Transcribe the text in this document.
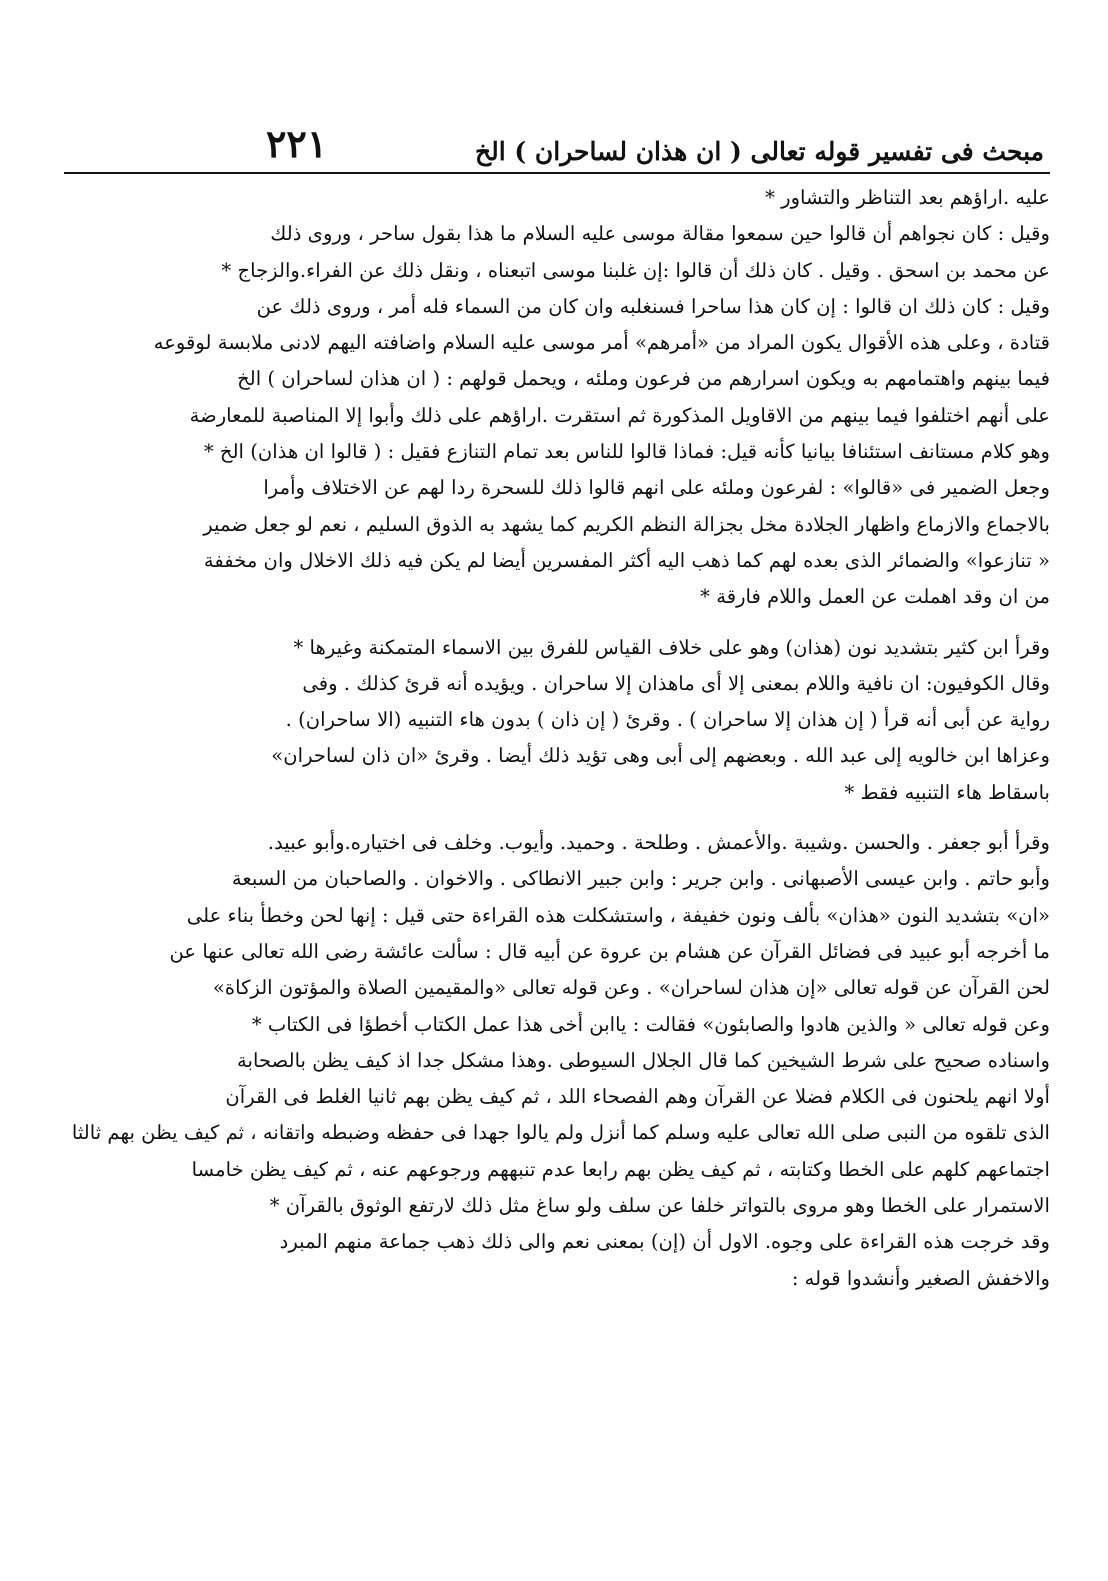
مبحث فى تفسير قوله تعالى ( ان هذان لساحران ) الخ
٢٢١

عليه .اراؤهم بعد التناظر والتشاور *

وقيل : كان نجواهم أن قالوا حين سمعوا مقالة موسى عليه السلام ما هذا بقول ساحر ، وروى ذلك

عن محمد بن اسحق . وقيل . كان ذلك أن قالوا :إن غلبنا موسى اتبعناه ، ونقل ذلك عن الفراء.والزجاج *

وقيل : كان ذلك ان قالوا : إن كان هذا ساحرا فسنغلبه وان كان من السماء فله أمر ، وروى ذلك عن

قتادة ، وعلى هذه الأقوال يكون المراد من «أمرهم» أمر موسى عليه السلام واضافته اليهم لادنى ملابسة لوقوعه

فيما بينهم واهتمامهم به ويكون اسرارهم من فرعون وملئه ، ويحمل قولهم : ( ان هذان لساحران ) الخ

على أنهم اختلفوا فيما بينهم من الاقاويل المذكورة ثم استقرت .اراؤهم على ذلك وأبوا إلا المناصبة للمعارضة

وهو كلام مستانف استئنافا بيانيا كأنه قيل: فماذا قالوا للناس بعد تمام التنازع فقيل : ( قالوا ان هذان) الخ *

وجعل الضمير فى «قالوا» : لفرعون وملئه على انهم قالوا ذلك للسحرة ردا لهم عن الاختلاف وأمرا

بالاجماع والازماع واظهار الجلادة مخل بجزالة النظم الكريم كما يشهد به الذوق السليم ، نعم لو جعل ضمير

« تنازعوا» والضمائر الذى بعده لهم كما ذهب اليه أكثر المفسرين أيضا لم يكن فيه ذلك الاخلال وان مخففة

من ان وقد اهملت عن العمل واللام فارقة *

وقرأ ابن كثير بتشديد نون (هذان) وهو على خلاف القياس للفرق بين الاسماء المتمكنة وغيرها *

وقال الكوفيون: ان نافية واللام بمعنى إلا أى ماهذان إلا ساحران . ويؤيده أنه قرئ كذلك . وفى

رواية عن أبى أنه قرأ ( إن هذان إلا ساحران ) . وقرئ ( إن ذان ) بدون هاء التنبيه (الا ساحران) .

وعزاها ابن خالويه إلى عبد الله . وبعضهم إلى أبى وهى تؤيد ذلك أيضا . وقرئ «ان ذان لساحران»

باسقاط هاء التنبيه فقط *

وقرأ أبو جعفر . والحسن .وشيبة .والأعمش . وطلحة . وحميد. وأيوب. وخلف فى اختياره.وأبو عبيد.

وأبو حاتم . وابن عيسى الأصبهانى . وابن جرير : وابن جبير الانطاكى . والاخوان . والصاحبان من السبعة

«ان» بتشديد النون «هذان» بألف ونون خفيفة ، واستشكلت هذه القراءة حتى قيل : إنها لحن وخطأ بناء على

ما أخرجه أبو عبيد فى فضائل القرآن عن هشام بن عروة عن أبيه قال : سألت عائشة رضى الله تعالى عنها عن

لحن القرآن عن قوله تعالى «إن هذان لساحران» . وعن قوله تعالى «والمقيمين الصلاة والمؤتون الزكاة»

وعن قوله تعالى « والذين هادوا والصابئون» فقالت : ياابن أخى هذا عمل الكتاب أخطؤا فى الكتاب *

واسناده صحيح على شرط الشيخين كما قال الجلال السيوطى .وهذا مشكل جدا اذ كيف يظن بالصحابة

أولا انهم يلحنون فى الكلام فضلا عن القرآن وهم الفصحاء اللد ، ثم كيف يظن بهم ثانيا الغلط فى القرآن

الذى تلقوه من النبى صلى الله تعالى عليه وسلم كما أنزل ولم يالوا جهدا فى حفظه وضبطه واتقانه ، ثم كيف يظن بهم ثالثا

اجتماعهم كلهم على الخطا وكتابته ، ثم كيف يظن بهم رابعا عدم تنبههم ورجوعهم عنه ، ثم كيف يظن خامسا

الاستمرار على الخطا وهو مروى بالتواتر خلفا عن سلف ولو ساغ مثل ذلك لارتفع الوثوق بالقرآن *

وقد خرجت هذه القراءة على وجوه. الاول أن (إن) بمعنى نعم والى ذلك ذهب جماعة منهم المبرد

والاخفش الصغير وأنشدوا قوله :
